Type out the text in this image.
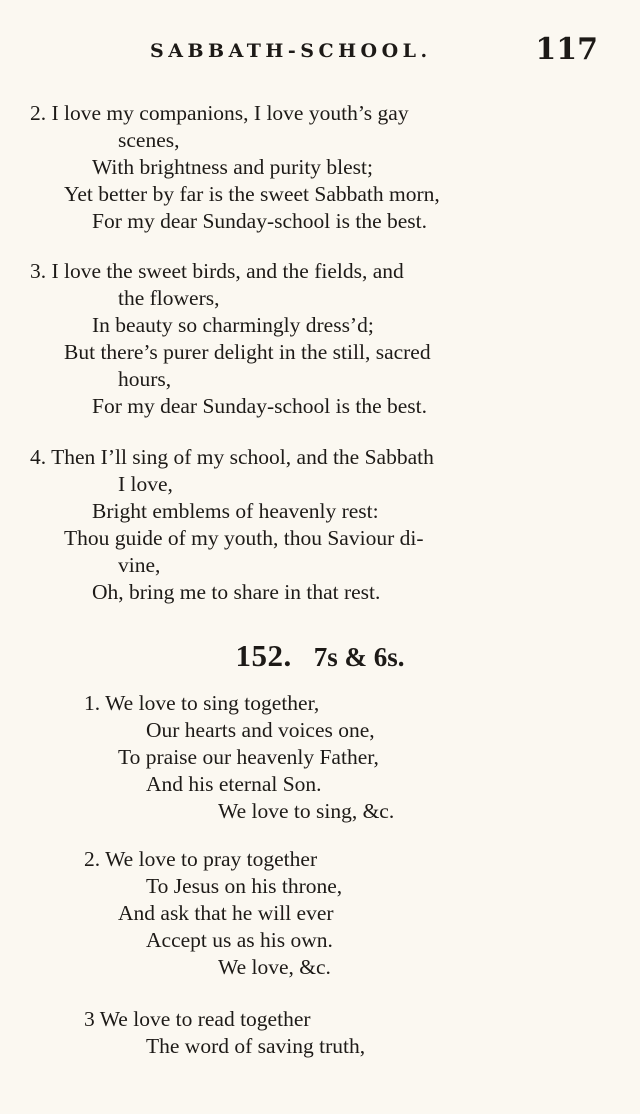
SABBATH-SCHOOL.	117
2. I love my companions, I love youth’s gay
scenes,
With brightness and purity blest;
Yet better by far is the sweet Sabbath morn,
For my dear Sunday-school is the best.
3. I love the sweet birds, and the fields, and
the flowers,
In beauty so charmingly dress’d;
But there’s purer delight in the still, sacred
hours,
For my dear Sunday-school is the best.
4. Then I’ll sing of my school, and the Sabbath
I love,
Bright emblems of heavenly rest:
Thou guide of my youth, thou Saviour di-
vine,
Oh, bring me to share in that rest.
152. 7s & 6s.
1. We love to sing together,
Our hearts and voices one,
To praise our heavenly Father,
And his eternal Son.
We love to sing, &c.
2. We love to pray together
To Jesus on his throne,
And ask that he will ever
Accept us as his own.
We love, &c.
3 We love to read together
The word of saving truth,
